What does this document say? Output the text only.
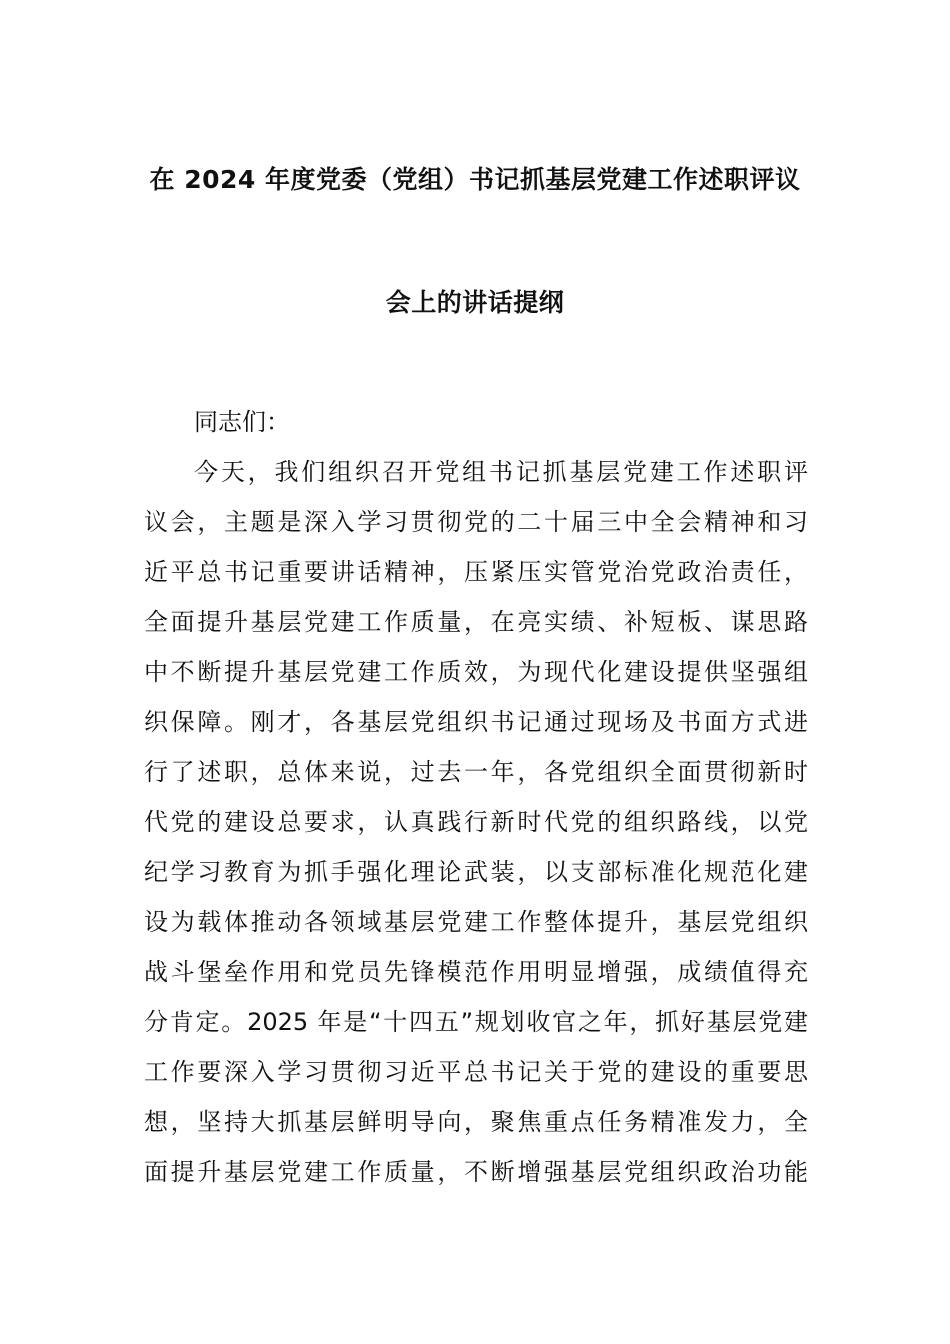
在 2024 年度党委（党组）书记抓基层党建工作述职评议
会上的讲话提纲
同志们：
今天，我们组织召开党组书记抓基层党建工作述职评
议会，主题是深入学习贯彻党的二十届三中全会精神和习
近平总书记重要讲话精神，压紧压实管党治党政治责任，
全面提升基层党建工作质量，在亮实绩、补短板、谋思路
中不断提升基层党建工作质效，为现代化建设提供坚强组
织保障。刚才，各基层党组织书记通过现场及书面方式进
行了述职，总体来说，过去一年，各党组织全面贯彻新时
代党的建设总要求，认真践行新时代党的组织路线，以党
纪学习教育为抓手强化理论武装，以支部标准化规范化建
设为载体推动各领域基层党建工作整体提升，基层党组织
战斗堡垒作用和党员先锋模范作用明显增强，成绩值得充
分肯定。2025 年是“十四五”规划收官之年，抓好基层党建
工作要深入学习贯彻习近平总书记关于党的建设的重要思
想，坚持大抓基层鲜明导向，聚焦重点任务精准发力，全
面提升基层党建工作质量，不断增强基层党组织政治功能
